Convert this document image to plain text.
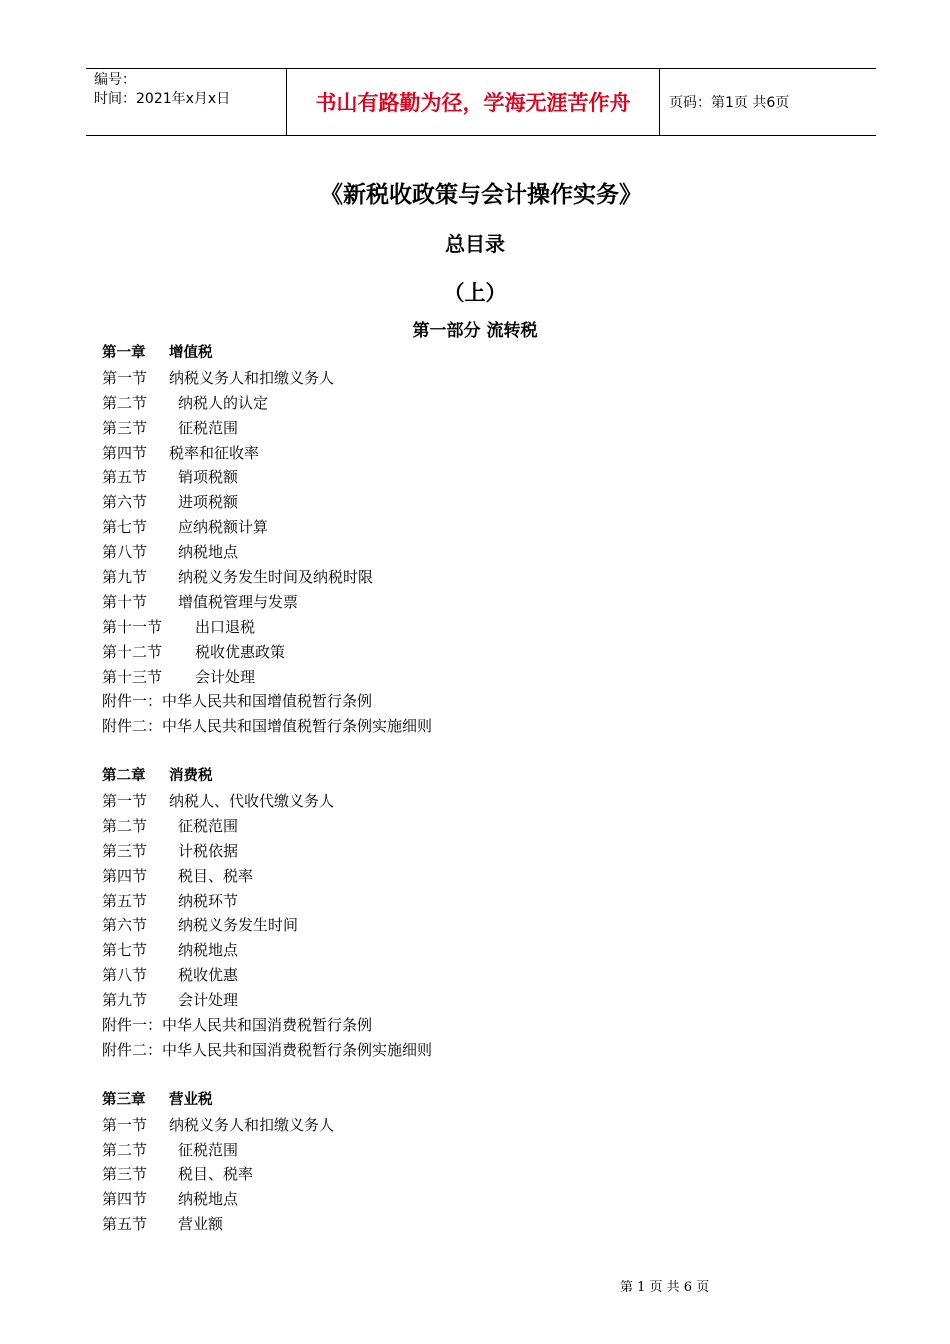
编号：
时间：2021年x月x日	书山有路勤为径，学海无涯苦作舟	页码：第1页 共6页
《新税收政策与会计操作实务》
总目录
（上）
第一部分 流转税
第一章	增值税
第一节	纳税义务人和扣缴义务人
第二节	纳税人的认定
第三节	征税范围
第四节	税率和征收率
第五节	销项税额
第六节	进项税额
第七节	应纳税额计算
第八节	纳税地点
第九节	纳税义务发生时间及纳税时限
第十节	增值税管理与发票
第十一节	出口退税
第十二节	税收优惠政策
第十三节	会计处理
附件一：中华人民共和国增值税暂行条例
附件二：中华人民共和国增值税暂行条例实施细则
第二章	消费税
第一节	纳税人、代收代缴义务人
第二节	征税范围
第三节	计税依据
第四节	税目、税率
第五节	纳税环节
第六节	纳税义务发生时间
第七节	纳税地点
第八节	税收优惠
第九节	会计处理
附件一：中华人民共和国消费税暂行条例
附件二：中华人民共和国消费税暂行条例实施细则
第三章	营业税
第一节	纳税义务人和扣缴义务人
第二节	征税范围
第三节	税目、税率
第四节	纳税地点
第五节	营业额
第 1 页 共 6 页
